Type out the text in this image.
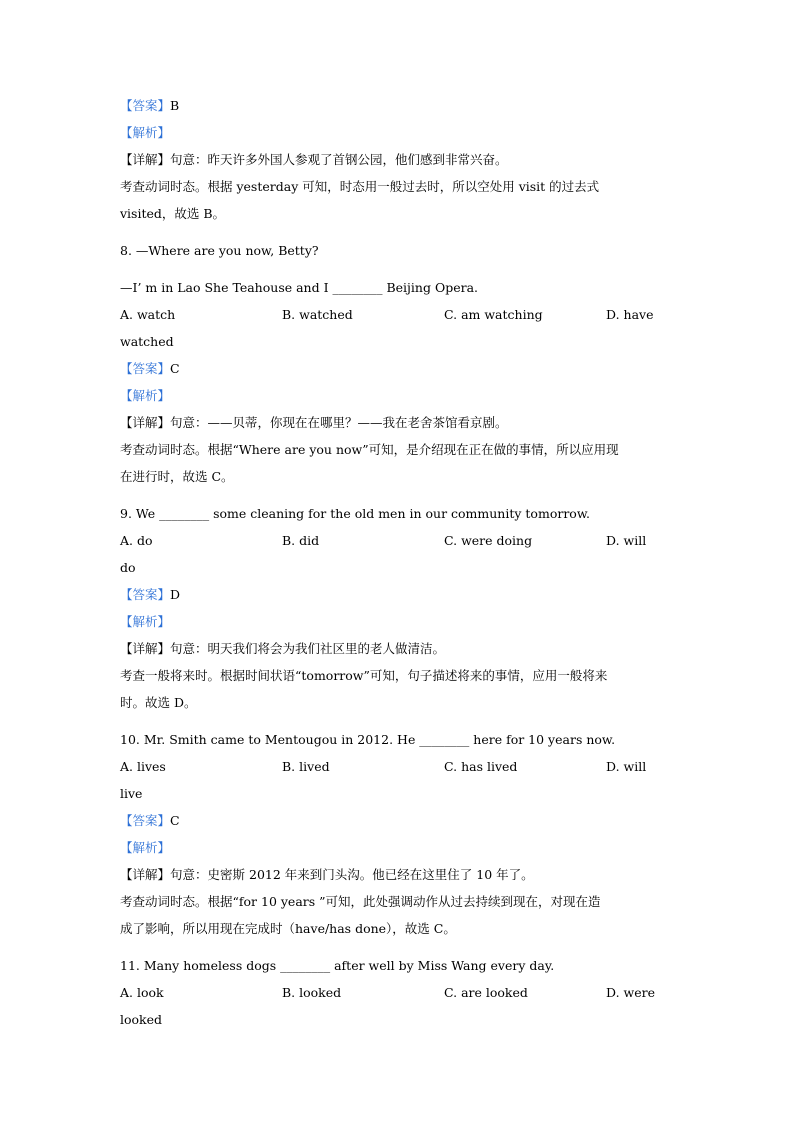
【答案】B
【解析】
【详解】句意：昨天许多外国人参观了首钢公园，他们感到非常兴奋。
考查动词时态。根据 yesterday 可知，时态用一般过去时，所以空处用 visit 的过去式
visited，故选 B。
8. —Where are you now, Betty?
—I’ m in Lao She Teahouse and I ________ Beijing Opera.
A. watch	B. watched	C. am watching	D. have
watched
【答案】C
【解析】
【详解】句意：——贝蒂，你现在在哪里？——我在老舍茶馆看京剧。
考查动词时态。根据“Where are you now”可知，是介绍现在正在做的事情，所以应用现
在进行时，故选 C。
9. We ________ some cleaning for the old men in our community tomorrow.
A. do	B. did	C. were doing	D. will
do
【答案】D
【解析】
【详解】句意：明天我们将会为我们社区里的老人做清洁。
考查一般将来时。根据时间状语“tomorrow”可知，句子描述将来的事情，应用一般将来
时。故选 D。
10. Mr. Smith came to Mentougou in 2012. He ________ here for 10 years now.
A. lives	B. lived	C. has lived	D. will
live
【答案】C
【解析】
【详解】句意：史密斯 2012 年来到门头沟。他已经在这里住了 10 年了。
考查动词时态。根据“for 10 years ”可知，此处强调动作从过去持续到现在，对现在造
成了影响，所以用现在完成时（have/has done），故选 C。
11. Many homeless dogs ________ after well by Miss Wang every day.
A. look	B. looked	C. are looked	D. were
looked
